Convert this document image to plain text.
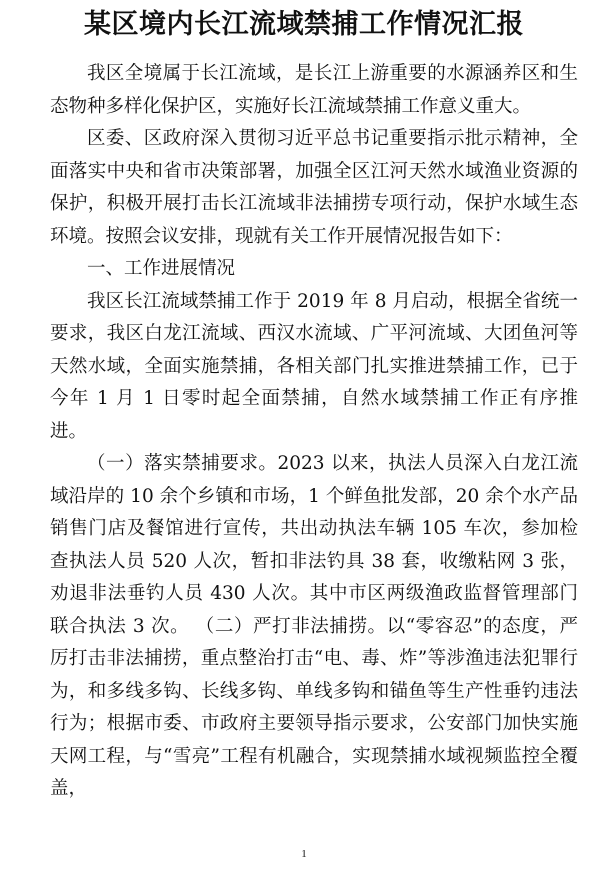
某区境内长江流域禁捕工作情况汇报

我区全境属于长江流域，是长江上游重要的水源涵养区和生态物种多样化保护区，实施好长江流域禁捕工作意义重大。

区委、区政府深入贯彻习近平总书记重要指示批示精神，全面落实中央和省市决策部署，加强全区江河天然水域渔业资源的保护，积极开展打击长江流域非法捕捞专项行动，保护水域生态环境。按照会议安排，现就有关工作开展情况报告如下：

一、工作进展情况

我区长江流域禁捕工作于 2019 年 8 月启动，根据全省统一要求，我区白龙江流域、西汉水流域、广平河流域、大团鱼河等天然水域，全面实施禁捕，各相关部门扎实推进禁捕工作，已于今年 1 月 1 日零时起全面禁捕，自然水域禁捕工作正有序推进。

（一）落实禁捕要求。2023 以来，执法人员深入白龙江流域沿岸的 10 余个乡镇和市场，1 个鲜鱼批发部，20 余个水产品销售门店及餐馆进行宣传，共出动执法车辆 105 车次，参加检查执法人员 520 人次，暂扣非法钓具 38 套，收缴粘网 3 张，劝退非法垂钓人员 430 人次。其中市区两级渔政监督管理部门联合执法 3 次。 （二）严打非法捕捞。以“零容忍”的态度，严厉打击非法捕捞，重点整治打击“电、毒、炸”等涉渔违法犯罪行为，和多线多钩、长线多钩、单线多钩和锚鱼等生产性垂钓违法行为；根据市委、市政府主要领导指示要求，公安部门加快实施天网工程，与“雪亮”工程有机融合，实现禁捕水域视频监控全覆盖，

1
